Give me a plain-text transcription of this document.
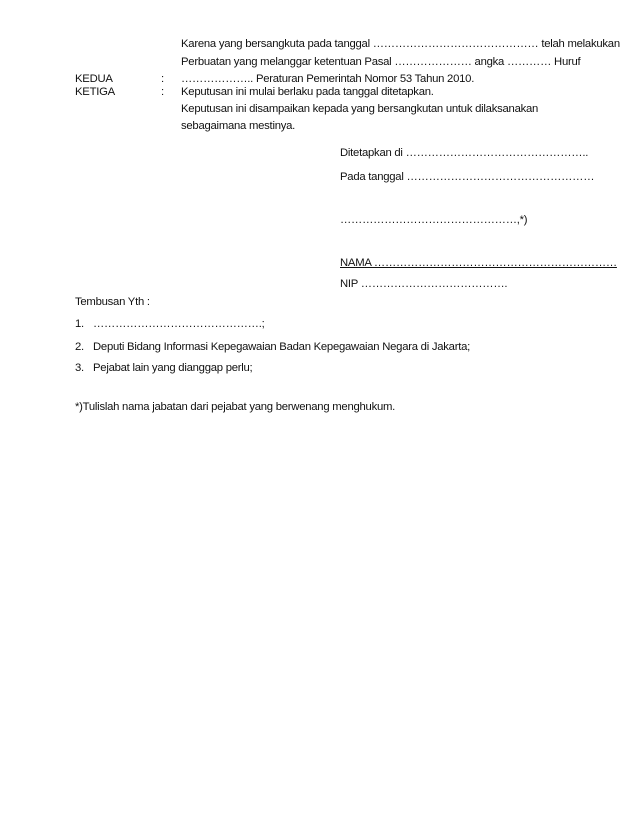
Karena yang bersangkuta pada tanggal ……………………………………… telah melakukan
Perbuatan yang melanggar ketentuan Pasal ………………… angka ………… Huruf
KEDUA	: ……………….. Peraturan Pemerintah Nomor 53 Tahun 2010.
KETIGA	: Keputusan ini mulai berlaku pada tanggal ditetapkan.
Keputusan ini disampaikan kepada yang bersangkutan untuk dilaksanakan
sebagaimana mestinya.
Ditetapkan di …………………………………………..
Pada tanggal ……………………………………………
…………………………………………,*)
NAMA …………………………………………………………
NIP ………………………………….
Tembusan Yth :
1. ……………………………………….;
2. Deputi Bidang Informasi Kepegawaian Badan Kepegawaian Negara di Jakarta;
3. Pejabat lain yang dianggap perlu;
*)Tulislah nama jabatan dari pejabat yang berwenang menghukum.
